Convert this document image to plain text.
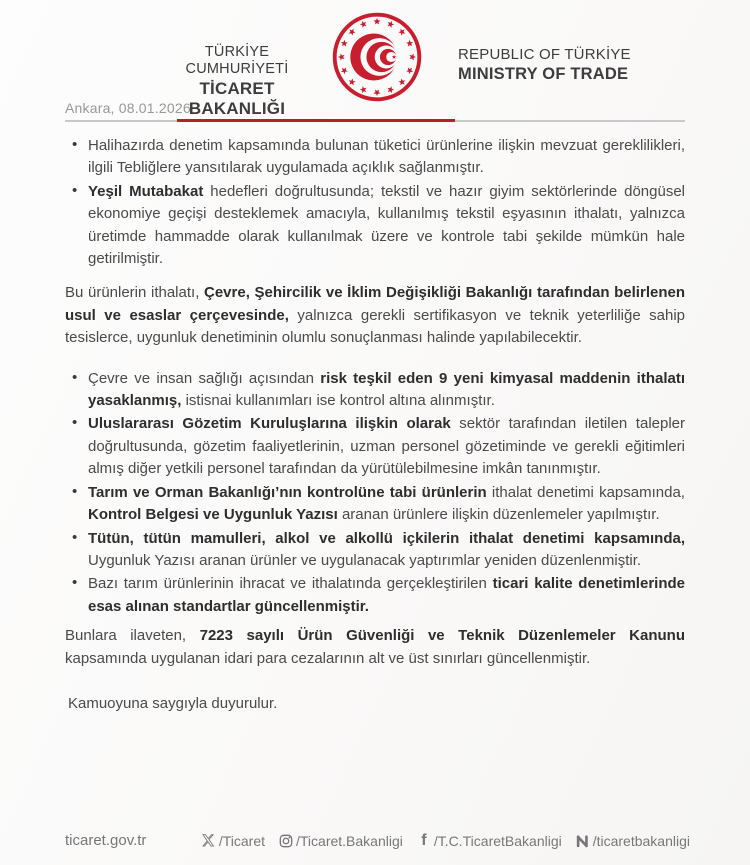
TÜRKİYE CUMHURİYETİ
TİCARET BAKANLIĞI
REPUBLIC OF TÜRKİYE
MINISTRY OF TRADE
Ankara, 08.01.2026
• Halihazırda denetim kapsamında bulunan tüketici ürünlerine ilişkin mevzuat gereklilikleri, ilgili Tebliğlere yansıtılarak uygulamada açıklık sağlanmıştır.
• Yeşil Mutabakat hedefleri doğrultusunda; tekstil ve hazır giyim sektörlerinde döngüsel ekonomiye geçişi desteklemek amacıyla, kullanılmış tekstil eşyasının ithalatı, yalnızca üretimde hammadde olarak kullanılmak üzere ve kontrole tabi şekilde mümkün hale getirilmiştir.

Bu ürünlerin ithalatı, Çevre, Şehircilik ve İklim Değişikliği Bakanlığı tarafından belirlenen usul ve esaslar çerçevesinde, yalnızca gerekli sertifikasyon ve teknik yeterliliğe sahip tesislerce, uygunluk denetiminin olumlu sonuçlanması halinde yapılabilecektir.

• Çevre ve insan sağlığı açısından risk teşkil eden 9 yeni kimyasal maddenin ithalatı yasaklanmış, istisnai kullanımları ise kontrol altına alınmıştır.
• Uluslararası Gözetim Kuruluşlarına ilişkin olarak sektör tarafından iletilen talepler doğrultusunda, gözetim faaliyetlerinin, uzman personel gözetiminde ve gerekli eğitimleri almış diğer yetkili personel tarafından da yürütülebilmesine imkân tanınmıştır.
• Tarım ve Orman Bakanlığı’nın kontrolüne tabi ürünlerin ithalat denetimi kapsamında, Kontrol Belgesi ve Uygunluk Yazısı aranan ürünlere ilişkin düzenlemeler yapılmıştır.
• Tütün, tütün mamulleri, alkol ve alkollü içkilerin ithalat denetimi kapsamında, Uygunluk Yazısı aranan ürünler ve uygulanacak yaptırımlar yeniden düzenlenmiştir.
• Bazı tarım ürünlerinin ihracat ve ithalatında gerçekleştirilen ticari kalite denetimlerinde esas alınan standartlar güncellenmiştir.

Bunlara ilaveten, 7223 sayılı Ürün Güvenliği ve Teknik Düzenlemeler Kanunu kapsamında uygulanan idari para cezalarının alt ve üst sınırları güncellenmiştir.

Kamuoyuna saygıyla duyurulur.

ticaret.gov.tr	/Ticaret /Ticaret.Bakanligi f /T.C.TicaretBakanligi /ticaretbakanligi
